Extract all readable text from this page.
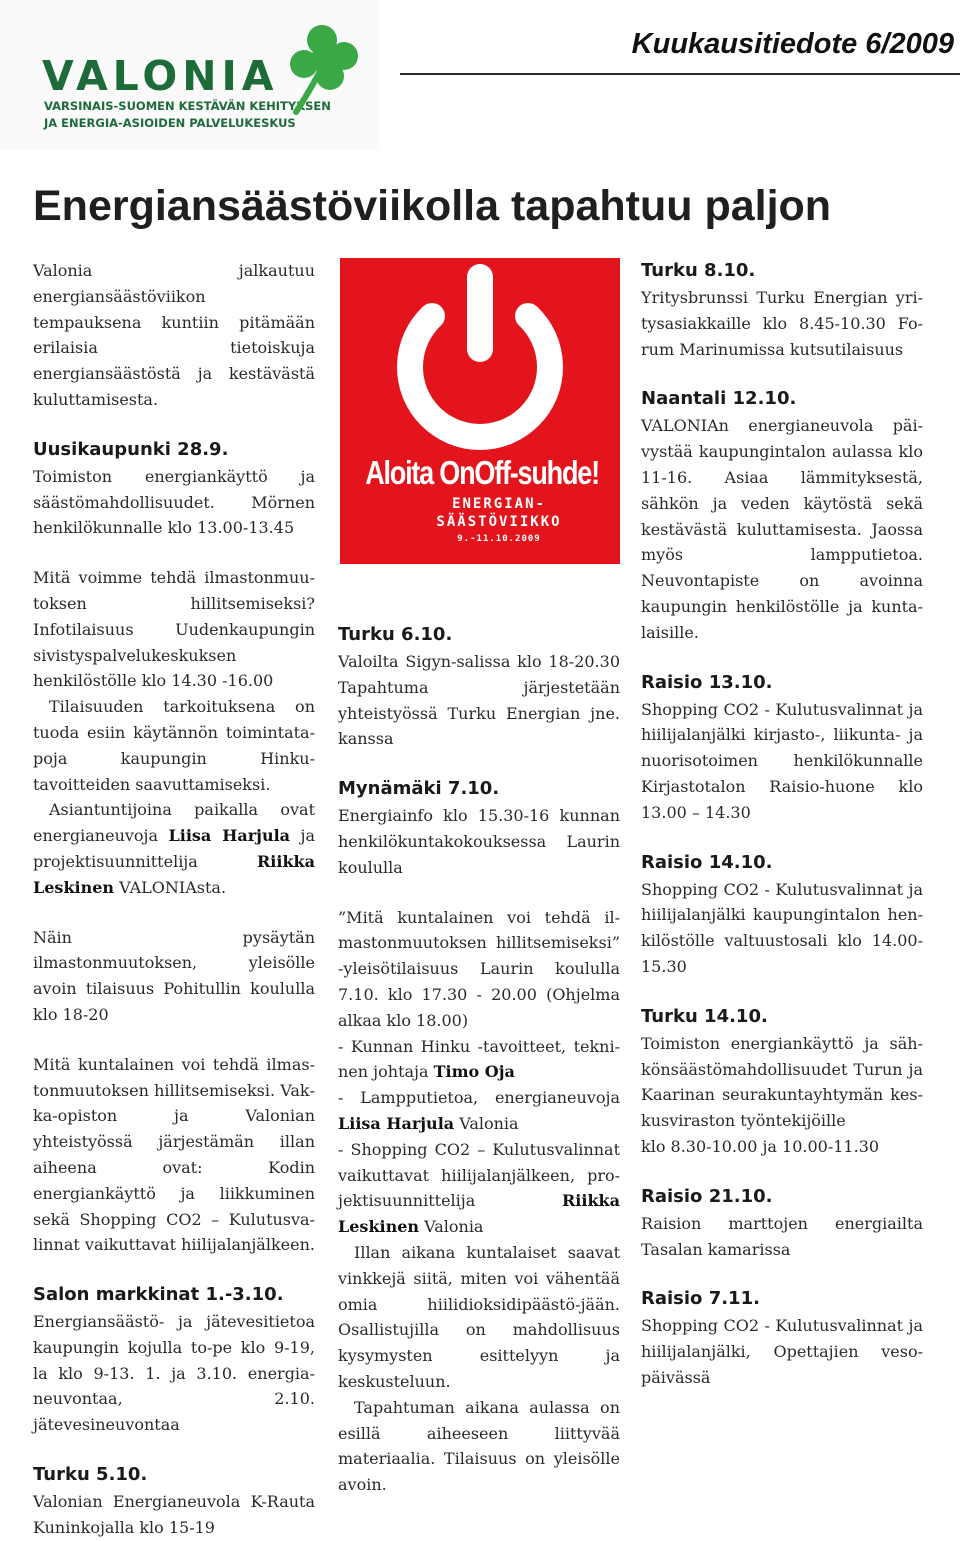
VALONIA
VARSINAIS-SUOMEN KESTÄVÄN KEHITYKSEN
JA ENERGIA-ASIOIDEN PALVELUKESKUS
Kuukausitiedote 6/2009
Energiansäästöviikolla tapahtuu paljon

Valonia jalkautuu energiansäästöviikon tempauksena kuntiin pitämään erilaisia tietoiskuja energiansäästöstä ja kestävästä kuluttamisesta.

Uusikaupunki 28.9.

Toimiston energiankäyttö ja säästömahdollisuudet. Mörnen henkilökunnalle klo 13.00-13.45

Mitä voimme tehdä ilmastonmuutoksen hillitsemiseksi? Infotilaisuus Uudenkaupungin sivistyspalvelukeskuksen henkilöstölle klo 14.30 -16.00

Tilaisuuden tarkoituksena on tuoda esiin käytännön toimintatapoja kaupungin Hinku-tavoitteiden saavuttamiseksi.

Asiantuntijoina paikalla ovat energianeuvoja Liisa Harjula ja projektisuunnittelija Riikka Leskinen VALONIAsta.

Näin pysäytän ilmastonmuutoksen, yleisölle avoin tilaisuus Pohitullin koululla klo 18-20

Mitä kuntalainen voi tehdä ilmastonmuutoksen hillitsemiseksi. Vakka-opiston ja Valonian yhteistyössä järjestämän illan aiheena ovat: Kodin energiankäyttö ja liikkuminen sekä Shopping CO2 – Kulutusvalinnat vaikuttavat hiilijalanjälkeen.

Salon markkinat 1.-3.10.

Energiansäästö- ja jätevesitietoa kaupungin kojulla to-pe klo 9-19, la klo 9-13. 1. ja 3.10. energianeuvontaa, 2.10. jätevesineuvontaa

Turku 5.10.

Valonian Energianeuvola K-Rauta Kuninkojalla klo 15-19

Aloita OnOff-suhde!
ENERGIAN-
SÄÄSTÖVIIKKO
9.-11.10.2009
Turku 6.10.

Valoilta Sigyn-salissa klo 18-20.30 Tapahtuma järjestetään yhteistyössä Turku Energian jne. kanssa

Mynämäki 7.10.

Energiainfo klo 15.30-16 kunnan henkilökuntakokouksessa Laurin koululla

”Mitä kuntalainen voi tehdä ilmastonmuutoksen hillitsemiseksi” -yleisötilaisuus Laurin koululla 7.10. klo 17.30 - 20.00 (Ohjelma alkaa klo 18.00)

- Kunnan Hinku -tavoitteet, tekninen johtaja Timo Oja

- Lampputietoa, energianeuvoja Liisa Harjula Valonia

- Shopping CO2 – Kulutusvalinnat vaikuttavat hiilijalanjälkeen, projektisuunnittelija Riikka Leskinen Valonia

Illan aikana kuntalaiset saavat vinkkejä siitä, miten voi vähentää omia hiilidioksidipäästö-jään. Osallistujilla on mahdollisuus kysymysten esittelyyn ja keskusteluun.

Tapahtuman aikana aulassa on esillä aiheeseen liittyvää materiaalia. Tilaisuus on yleisölle avoin.

Turku 8.10.

Yritysbrunssi Turku Energian yritysasiakkaille klo 8.45-10.30 Forum Marinumissa kutsutilaisuus

Naantali 12.10.

VALONIAn energianeuvola päivystää kaupungintalon aulassa klo 11-16. Asiaa lämmityksestä, sähkön ja veden käytöstä sekä kestävästä kuluttamisesta. Jaossa myös lampputietoa. Neuvontapiste on avoinna kaupungin henkilöstölle ja kuntalaisille.

Raisio 13.10.

Shopping CO2 - Kulutusvalinnat ja hiilijalanjälki kirjasto-, liikunta- ja nuorisotoimen henkilökunnalle Kirjastotalon Raisio-huone klo 13.00 – 14.30

Raisio 14.10.

Shopping CO2 - Kulutusvalinnat ja hiilijalanjälki kaupungintalon henkilöstölle valtuustosali klo 14.00-15.30

Turku 14.10.

Toimiston energiankäyttö ja sähkönsäästömahdollisuudet Turun ja Kaarinan seurakuntayhtymän keskusviraston työntekijöille

klo 8.30-10.00 ja 10.00-11.30

Raisio 21.10.

Raision marttojen energiailta Tasalan kamarissa

Raisio 7.11.

Shopping CO2 - Kulutusvalinnat ja hiilijalanjälki, Opettajien vesopäivässä
